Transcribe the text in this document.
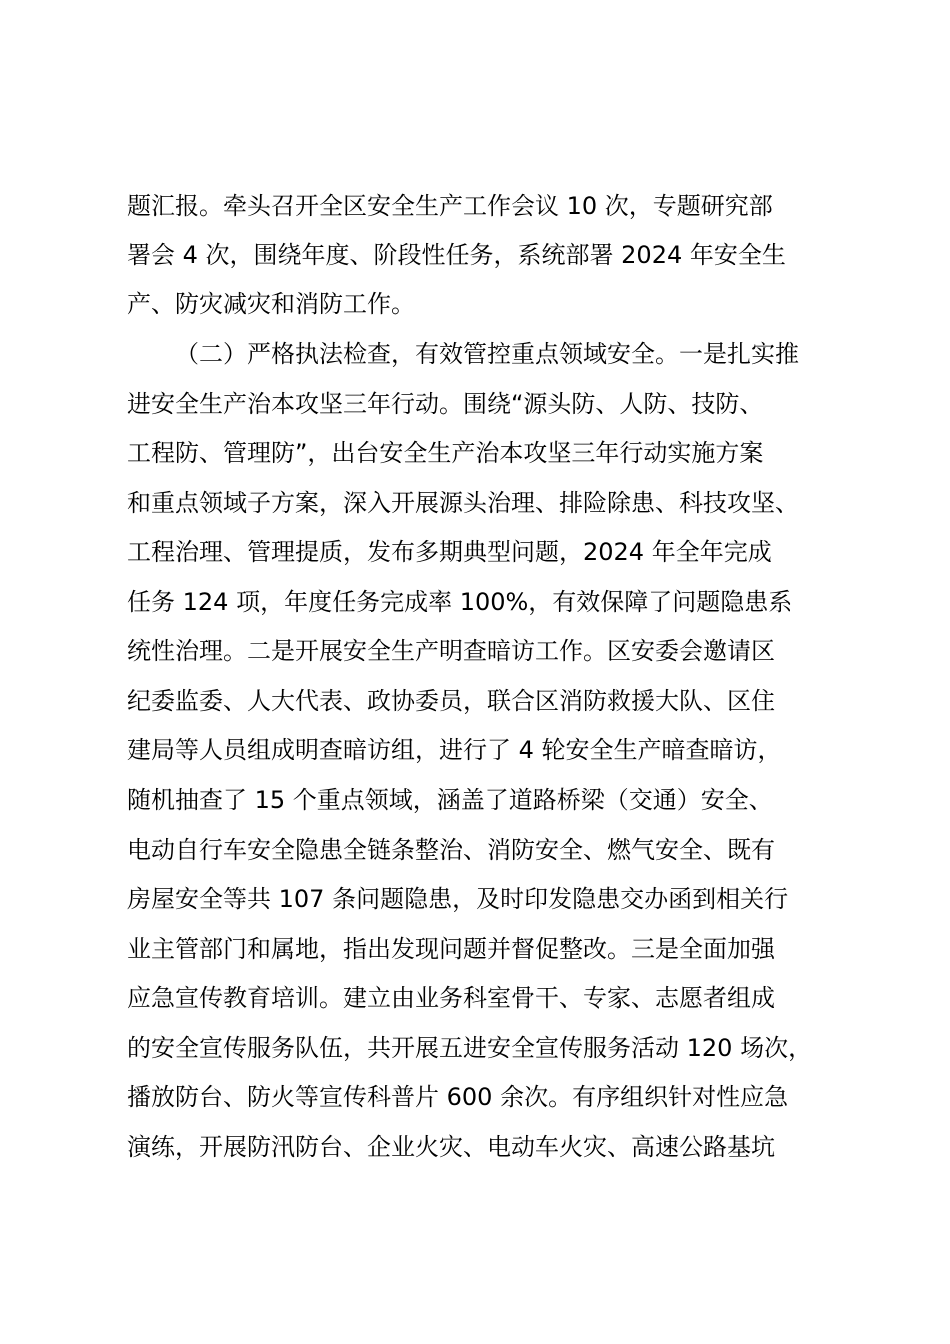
题汇报。牵头召开全区安全生产工作会议 10 次，专题研究部
署会 4 次，围绕年度、阶段性任务，系统部署 2024 年安全生
产、防灾减灾和消防工作。
（二）严格执法检查，有效管控重点领域安全。一是扎实推
进安全生产治本攻坚三年行动。围绕“源头防、人防、技防、
工程防、管理防”，出台安全生产治本攻坚三年行动实施方案
和重点领域子方案，深入开展源头治理、排险除患、科技攻坚、
工程治理、管理提质，发布多期典型问题，2024 年全年完成
任务 124 项，年度任务完成率 100%，有效保障了问题隐患系
统性治理。二是开展安全生产明查暗访工作。区安委会邀请区
纪委监委、人大代表、政协委员，联合区消防救援大队、区住
建局等人员组成明查暗访组，进行了 4 轮安全生产暗查暗访，
随机抽查了 15 个重点领域，涵盖了道路桥梁（交通）安全、
电动自行车安全隐患全链条整治、消防安全、燃气安全、既有
房屋安全等共 107 条问题隐患，及时印发隐患交办函到相关行
业主管部门和属地，指出发现问题并督促整改。三是全面加强
应急宣传教育培训。建立由业务科室骨干、专家、志愿者组成
的安全宣传服务队伍，共开展五进安全宣传服务活动 120 场次，
播放防台、防火等宣传科普片 600 余次。有序组织针对性应急
演练，开展防汛防台、企业火灾、电动车火灾、高速公路基坑
